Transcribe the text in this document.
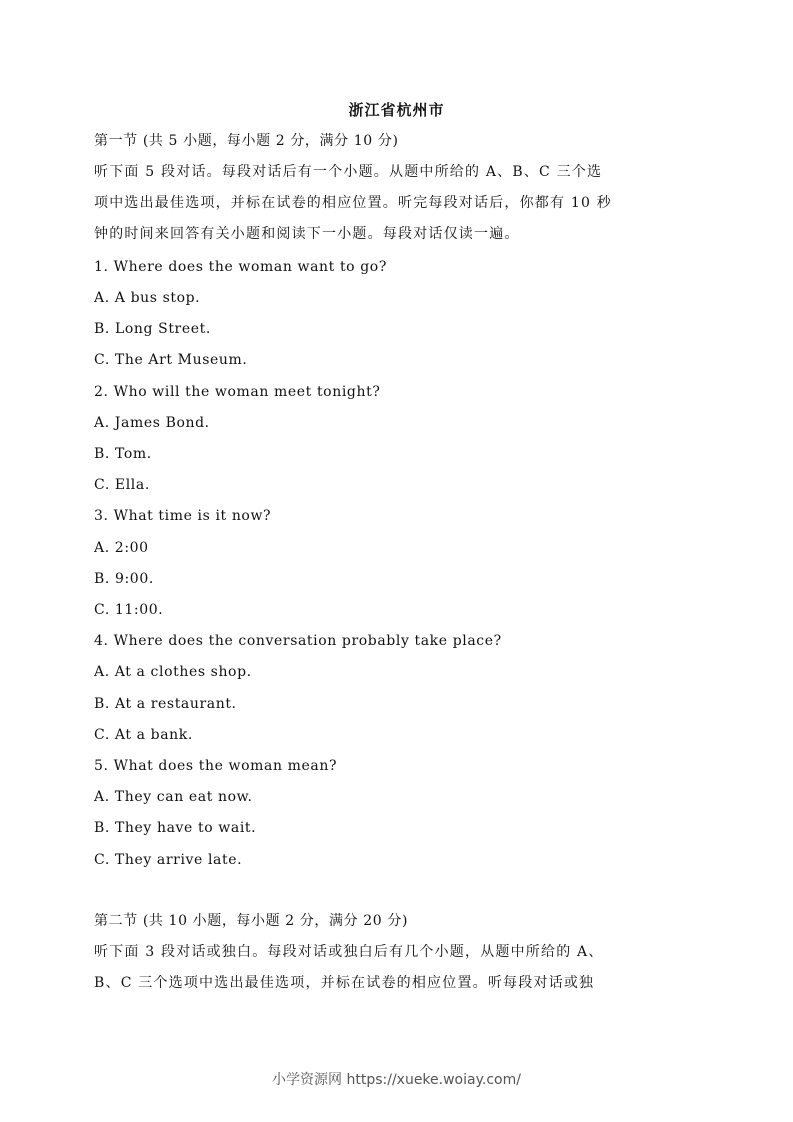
浙江省杭州市
第一节 (共 5 小题，每小题 2 分，满分 10 分)
听下面 5 段对话。每段对话后有一个小题。从题中所给的 A、B、C 三个选
项中选出最佳选项，并标在试卷的相应位置。听完每段对话后，你都有 10 秒
钟的时间来回答有关小题和阅读下一小题。每段对话仅读一遍。
1. Where does the woman want to go?
A. A bus stop.
B. Long Street.
C. The Art Museum.
2. Who will the woman meet tonight?
A. James Bond.
B. Tom.
C. Ella.
3. What time is it now?
A. 2:00
B. 9:00.
C. 11:00.
4. Where does the conversation probably take place?
A. At a clothes shop.
B. At a restaurant.
C. At a bank.
5. What does the woman mean?
A. They can eat now.
B. They have to wait.
C. They arrive late.
第二节 (共 10 小题，每小题 2 分，满分 20 分)
听下面 3 段对话或独白。每段对话或独白后有几个小题，从题中所给的 A、
B、C 三个选项中选出最佳选项，并标在试卷的相应位置。听每段对话或独
小学资源网 https://xueke.woiay.com/
